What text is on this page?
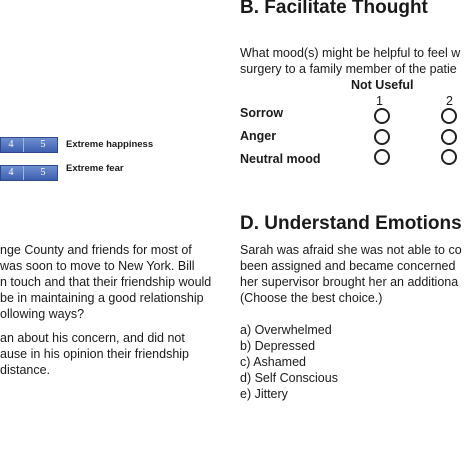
B. Facilitate Thought
What mood(s) might be helpful to feel w
surgery to a family member of the patie
Not Useful
1	2
Sorrow
Anger
Neutral mood
4	5	Extreme happiness
4	5	Extreme fear
nge County and friends for most of
was soon to move to New York. Bill
n touch and that their friendship would
be in maintaining a good relationship
ollowing ways?
an about his concern, and did not
ause in his opinion their friendship
distance.
D. Understand Emotions
Sarah was afraid she was not able to co
been assigned and became concerned
her supervisor brought her an additiona
(Choose the best choice.)
a) Overwhelmed
b) Depressed
c) Ashamed
d) Self Conscious
e) Jittery
